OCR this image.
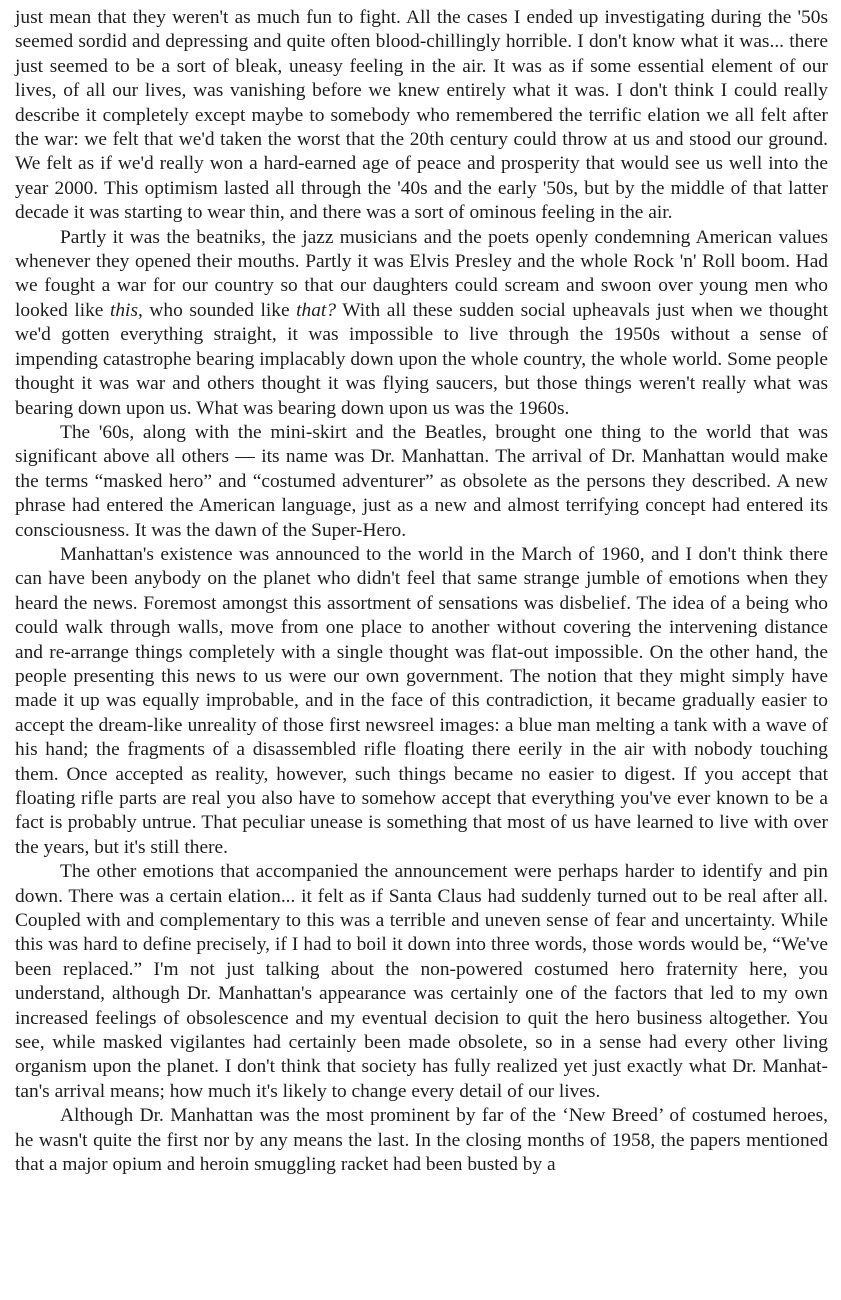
just mean that they weren't as much fun to fight. All the cases I ended up investigating during the '50s seemed sordid and depressing and quite often blood-chillingly horrible. I don't know what it was... there just seemed to be a sort of bleak, uneasy feeling in the air. It was as if some essential element of our lives, of all our lives, was vanishing before we knew entirely what it was. I don't think I could really describe it completely except maybe to somebody who remembered the terrific elation we all felt after the war: we felt that we'd taken the worst that the 20th century could throw at us and stood our ground. We felt as if we'd really won a hard-earned age of peace and prosperity that would see us well into the year 2000. This optimism lasted all through the '40s and the early '50s, but by the middle of that latter decade it was starting to wear thin, and there was a sort of ominous feeling in the air.

Partly it was the beatniks, the jazz musicians and the poets openly condemning American values whenever they opened their mouths. Partly it was Elvis Presley and the whole Rock 'n' Roll boom. Had we fought a war for our country so that our daughters could scream and swoon over young men who looked like this, who sounded like that? With all these sudden social upheavals just when we thought we'd gotten everything straight, it was impossible to live through the 1950s without a sense of impending catastrophe bearing implacably down upon the whole country, the whole world. Some people thought it was war and others thought it was flying saucers, but those things weren't really what was bearing down upon us. What was bearing down upon us was the 1960s.

The '60s, along with the mini-skirt and the Beatles, brought one thing to the world that was significant above all others — its name was Dr. Manhattan. The arrival of Dr. Manhattan would make the terms “masked hero” and “costumed adventurer” as obsolete as the persons they described. A new phrase had entered the American language, just as a new and almost terrifying concept had entered its consciousness. It was the dawn of the Super-Hero.

Manhattan's existence was announced to the world in the March of 1960, and I don't think there can have been anybody on the planet who didn't feel that same strange jumble of emotions when they heard the news. Foremost amongst this assortment of sensations was disbelief. The idea of a being who could walk through walls, move from one place to another without covering the intervening distance and re-arrange things completely with a single thought was flat-out impossible. On the other hand, the people presenting this news to us were our own government. The notion that they might simply have made it up was equally improbable, and in the face of this contradiction, it became gradually easier to accept the dream-like unreality of those first newsreel images: a blue man melting a tank with a wave of his hand; the fragments of a disassembled rifle floating there eerily in the air with nobody touching them. Once accepted as reality, however, such things became no easier to digest. If you accept that floating rifle parts are real you also have to somehow accept that everything you've ever known to be a fact is probably untrue. That peculiar unease is something that most of us have learned to live with over the years, but it's still there.

The other emotions that accompanied the announcement were perhaps harder to identify and pin down. There was a certain elation... it felt as if Santa Claus had suddenly turned out to be real after all. Coupled with and complementary to this was a terrible and uneven sense of fear and uncertainty. While this was hard to define precisely, if I had to boil it down into three words, those words would be, “We've been replaced.” I'm not just talking about the non-powered costumed hero fraternity here, you understand, although Dr. Manhattan's appearance was certainly one of the factors that led to my own increased feelings of obsolescence and my eventual decision to quit the hero business altogether. You see, while masked vigilantes had certainly been made obsolete, so in a sense had every other living organism upon the planet. I don't think that society has fully realized yet just exactly what Dr. Manhattan's arrival means; how much it's likely to change every detail of our lives.

Although Dr. Manhattan was the most prominent by far of the ‘New Breed’ of costumed heroes, he wasn't quite the first nor by any means the last. In the closing months of 1958, the papers mentioned that a major opium and heroin smuggling racket had been busted by a
